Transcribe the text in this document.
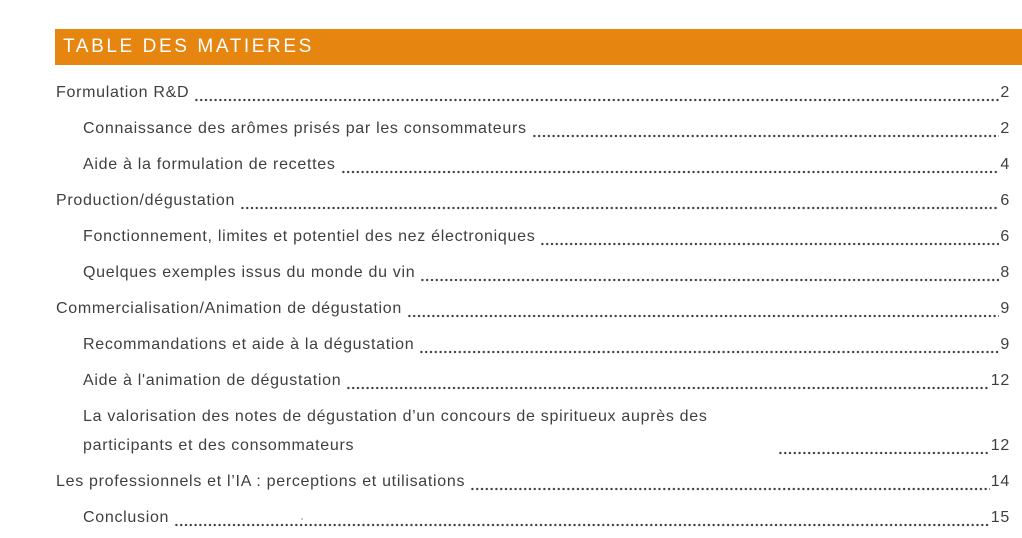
TABLE DES MATIERES
Formulation R&D	2
Connaissance des arômes prisés par les consommateurs	2
Aide à la formulation de recettes	4
Production/dégustation	6
Fonctionnement, limites et potentiel des nez électroniques	6
Quelques exemples issus du monde du vin	8
Commercialisation/Animation de dégustation	9
Recommandations et aide à la dégustation	9
Aide à l'animation de dégustation	12
La valorisation des notes de dégustation d’un concours de spiritueux auprès des participants et des consommateurs	12
Les professionnels et l’IA : perceptions et utilisations	14
Conclusion	15
